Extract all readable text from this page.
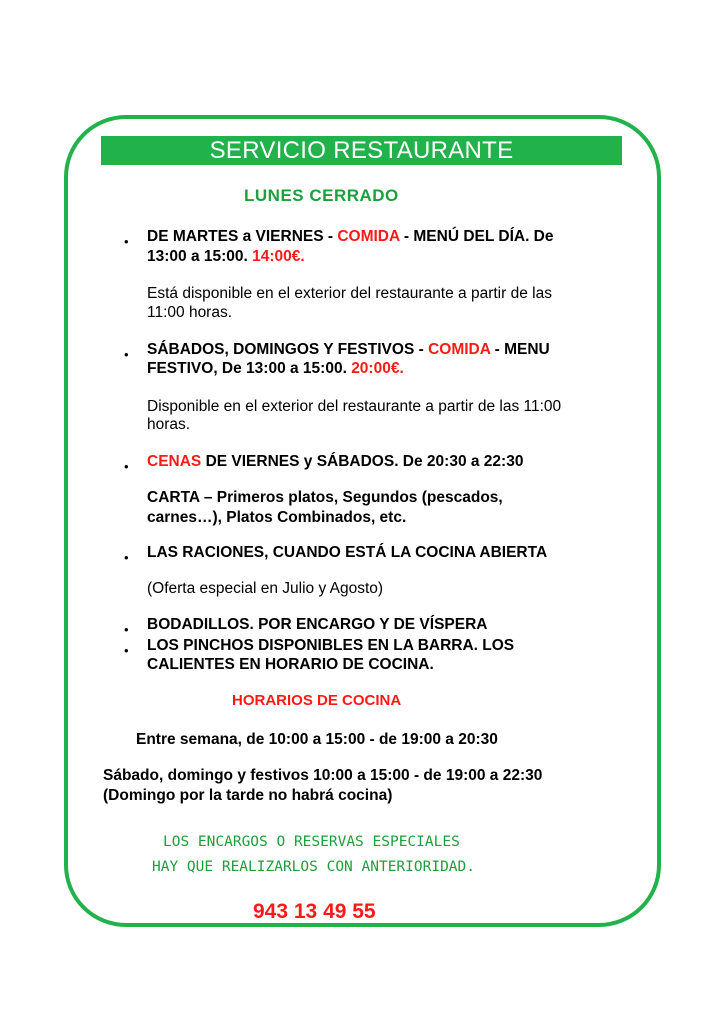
SERVICIO RESTAURANTE
LUNES CERRADO
• DE MARTES a VIERNES - COMIDA - MENÚ DEL DÍA. De
13:00 a 15:00. 14:00€.
Está disponible en el exterior del restaurante a partir de las
11:00 horas.
• SÁBADOS, DOMINGOS Y FESTIVOS - COMIDA - MENU
FESTIVO, De 13:00 a 15:00. 20:00€.
Disponible en el exterior del restaurante a partir de las 11:00
horas.
• CENAS DE VIERNES y SÁBADOS. De 20:30 a 22:30
CARTA – Primeros platos, Segundos (pescados,
carnes…), Platos Combinados, etc.
• LAS RACIONES, CUANDO ESTÁ LA COCINA ABIERTA
(Oferta especial en Julio y Agosto)
• BODADILLOS. POR ENCARGO Y DE VÍSPERA
• LOS PINCHOS DISPONIBLES EN LA BARRA. LOS
CALIENTES EN HORARIO DE COCINA.
HORARIOS DE COCINA
Entre semana, de 10:00 a 15:00 - de 19:00 a 20:30
Sábado, domingo y festivos 10:00 a 15:00 - de 19:00 a 22:30
(Domingo por la tarde no habrá cocina)
LOS ENCARGOS O RESERVAS ESPECIALES
HAY QUE REALIZARLOS CON ANTERIORIDAD.
943 13 49 55
